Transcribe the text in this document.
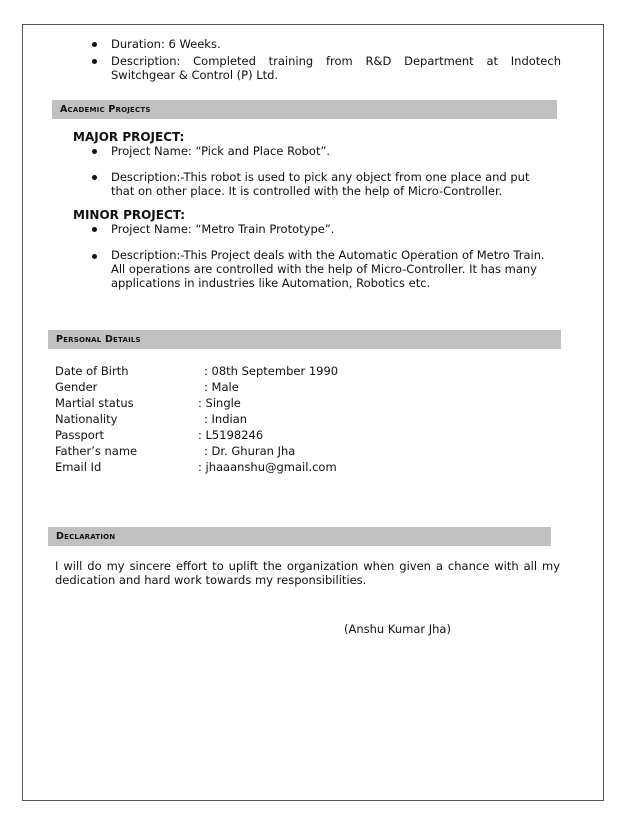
Duration: 6 Weeks.
Description: Completed training from R&D Department at Indotech Switchgear & Control (P) Ltd.
Academic Projects
MAJOR PROJECT:
Project Name: “Pick and Place Robot”.
Description:-This robot is used to pick any object from one place and put that on other place. It is controlled with the help of Micro-Controller.
MINOR PROJECT:
Project Name: “Metro Train Prototype”.
Description:-This Project deals with the Automatic Operation of Metro Train. All operations are controlled with the help of Micro-Controller. It has many applications in industries like Automation, Robotics etc.
Personal Details
Date of Birth	: 08th September 1990
Gender	: Male
Martial status	: Single
Nationality	: Indian
Passport	: L5198246
Father’s name	: Dr. Ghuran Jha
Email Id	: jhaaanshu@gmail.com
Declaration
I will do my sincere effort to uplift the organization when given a chance with all my dedication and hard work towards my responsibilities.
(Anshu Kumar Jha)
